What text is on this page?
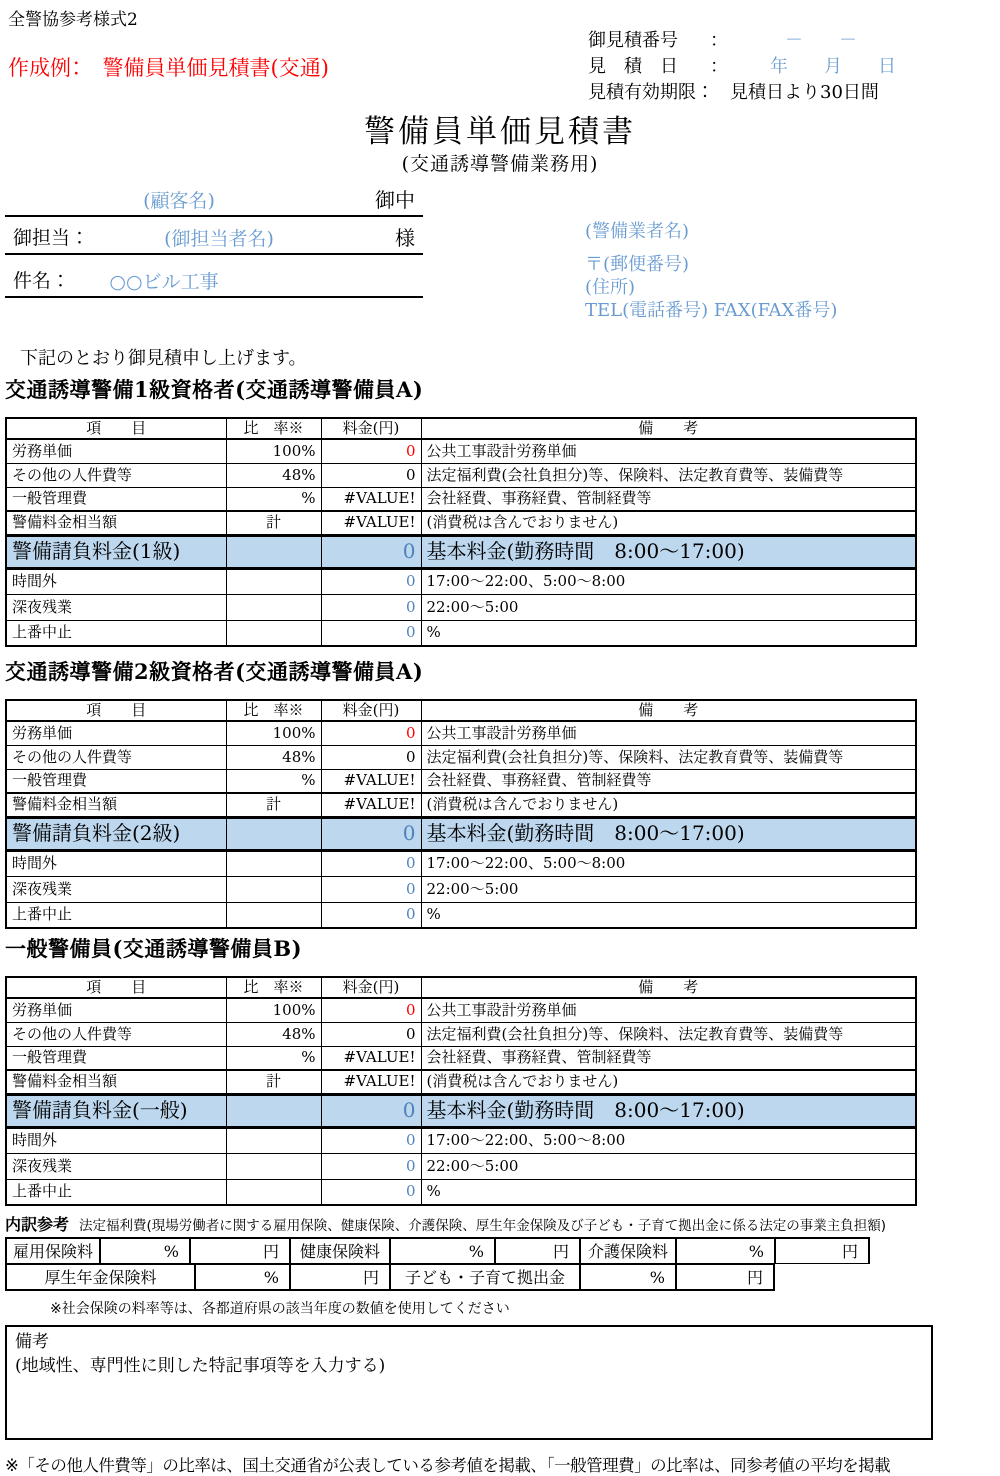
全警協参考様式2
作成例：　警備員単価見積書(交通)
御見積番号	：	－　　－
見　積　日	： 年　　月　　日
見積有効期限： 見積日より30日間
警備員単価見積書
(交通誘導警備業務用)
(顧客名)	御中
御担当：	(御担当者名)	様
件名：	○○ビル工事
(警備業者名)
〒(郵便番号)
(住所)
TEL(電話番号) FAX(FAX番号)
下記のとおり御見積申し上げます。
交通誘導警備1級資格者(交通誘導警備員A)
項　　目	比　率※	料金(円)	備　　考
労務単価	100%	0	公共工事設計労務単価
その他の人件費等	48%	0	法定福利費(会社負担分)等、保険料、法定教育費等、装備費等
一般管理費	%	#VALUE!	会社経費、事務経費、管制経費等
警備料金相当額	計	#VALUE!	(消費税は含んでおりません)
警備請負料金(1級)		0	基本料金(勤務時間　8:00～17:00)
時間外		0	17:00～22:00、5:00～8:00
深夜残業		0	22:00～5:00
上番中止		0	%
交通誘導警備2級資格者(交通誘導警備員A)
項　　目	比　率※	料金(円)	備　　考
労務単価	100%	0	公共工事設計労務単価
その他の人件費等	48%	0	法定福利費(会社負担分)等、保険料、法定教育費等、装備費等
一般管理費	%	#VALUE!	会社経費、事務経費、管制経費等
警備料金相当額	計	#VALUE!	(消費税は含んでおりません)
警備請負料金(2級)		0	基本料金(勤務時間　8:00～17:00)
時間外		0	17:00～22:00、5:00～8:00
深夜残業		0	22:00～5:00
上番中止		0	%
一般警備員(交通誘導警備員B)
項　　目	比　率※	料金(円)	備　　考
労務単価	100%	0	公共工事設計労務単価
その他の人件費等	48%	0	法定福利費(会社負担分)等、保険料、法定教育費等、装備費等
一般管理費	%	#VALUE!	会社経費、事務経費、管制経費等
警備料金相当額	計	#VALUE!	(消費税は含んでおりません)
警備請負料金(一般)		0	基本料金(勤務時間　8:00～17:00)
時間外		0	17:00～22:00、5:00～8:00
深夜残業		0	22:00～5:00
上番中止		0	%
内訳参考 法定福利費(現場労働者に関する雇用保険、健康保険、介護保険、厚生年金保険及び子ども・子育て拠出金に係る法定の事業主負担額)
雇用保険料	%	円	健康保険料	%	円	介護保険料	%	円
厚生年金保険料	%	円	子ども・子育て拠出金	%	円
※社会保険の料率等は、各都道府県の該当年度の数値を使用してください
備考
(地域性、専門性に則した特記事項等を入力する)
※「その他人件費等」の比率は、国土交通省が公表している参考値を掲載、「一般管理費」の比率は、同参考値の平均を掲載
